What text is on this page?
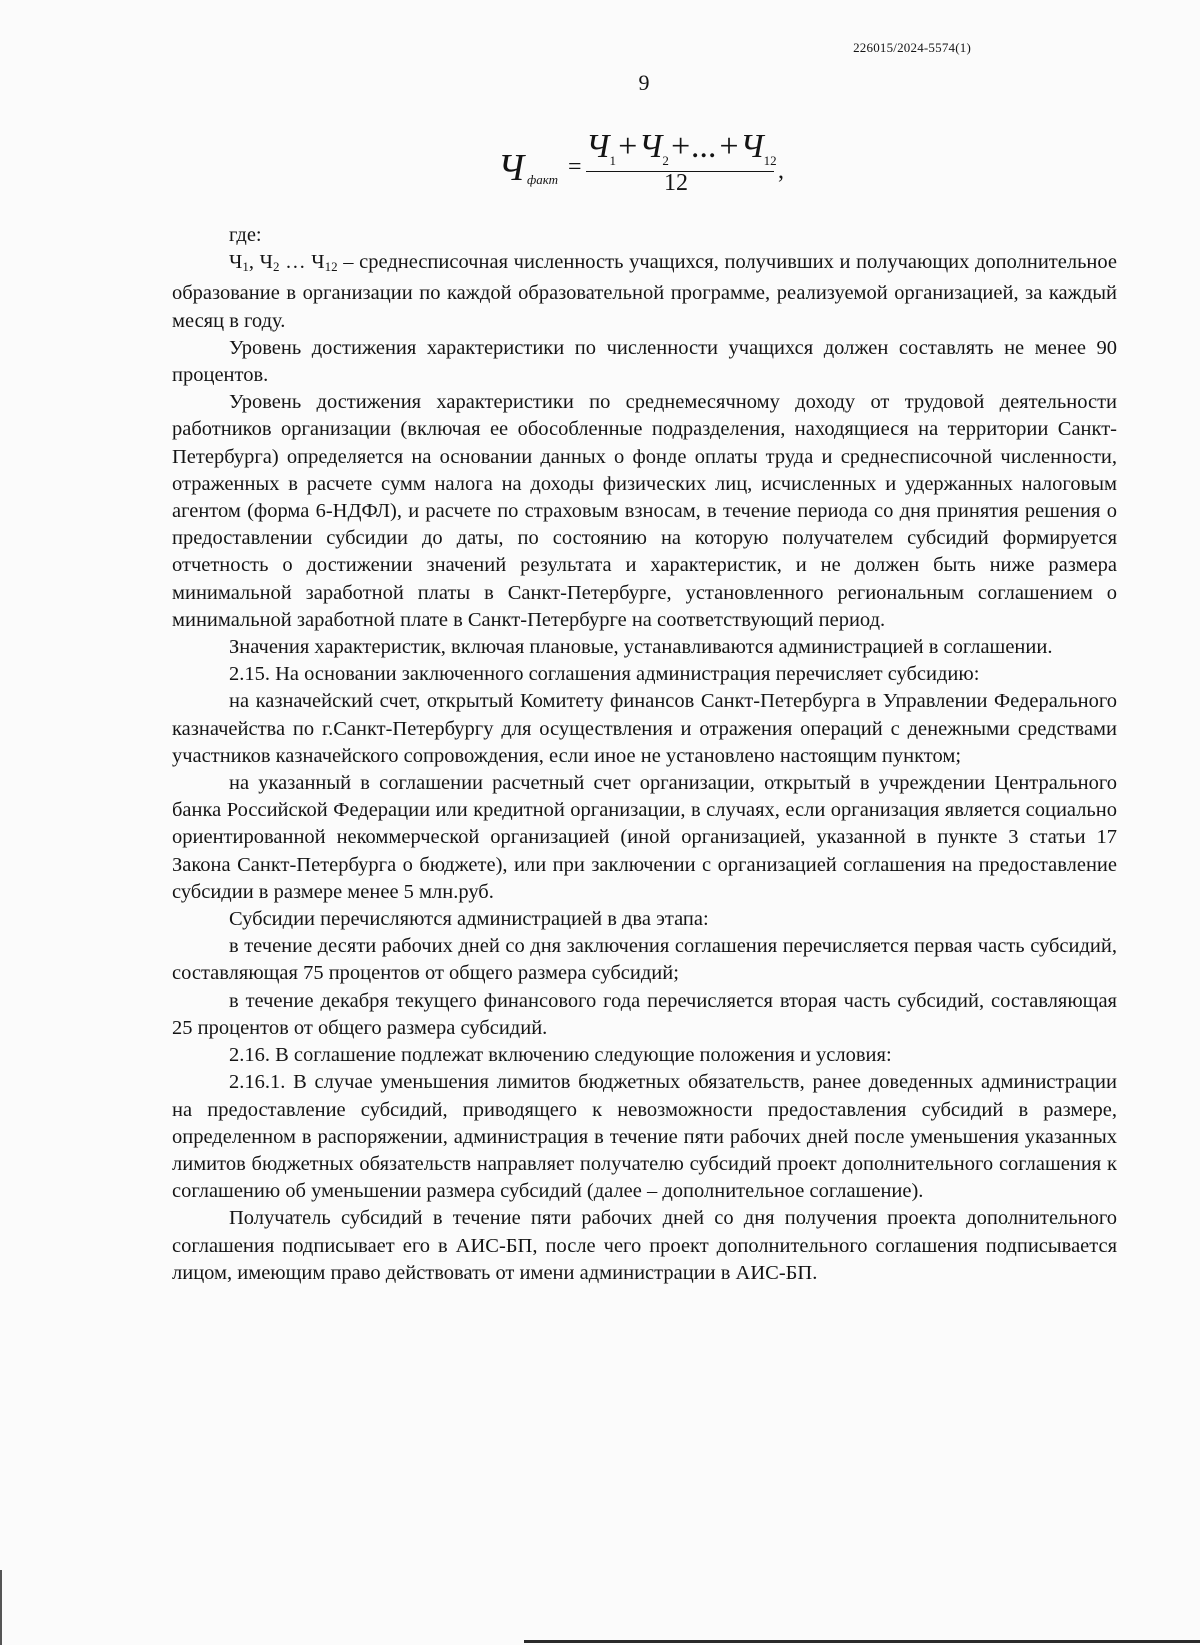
226015/2024-5574(1)
9
Ч факт =
$Ч_1+Ч_2+...+Ч_{12}$
12	,

где:

$Ч_1$, $Ч_2$ … $Ч_{12}$ – среднесписочная численность учащихся, получивших и получающих дополнительное образование в организации по каждой образовательной программе, реализуемой организацией, за каждый месяц в году.

Уровень достижения характеристики по численности учащихся должен составлять не менее 90 процентов.

Уровень достижения характеристики по среднемесячному доходу от трудовой деятельности работников организации (включая ее обособленные подразделения, находящиеся на территории Санкт-Петербурга) определяется на основании данных о фонде оплаты труда и среднесписочной численности, отраженных в расчете сумм налога на доходы физических лиц, исчисленных и удержанных налоговым агентом (форма 6-НДФЛ), и расчете по страховым взносам, в течение периода со дня принятия решения о предоставлении субсидии до даты, по состоянию на которую получателем субсидий формируется отчетность о достижении значений результата и характеристик, и не должен быть ниже размера минимальной заработной платы в Санкт-Петербурге, установленного региональным соглашением о минимальной заработной плате в Санкт-Петербурге на соответствующий период.

Значения характеристик, включая плановые, устанавливаются администрацией в соглашении.

2.15. На основании заключенного соглашения администрация перечисляет субсидию:

на казначейский счет, открытый Комитету финансов Санкт-Петербурга в Управлении Федерального казначейства по г.Санкт-Петербургу для осуществления и отражения операций с денежными средствами участников казначейского сопровождения, если иное не установлено настоящим пунктом;

на указанный в соглашении расчетный счет организации, открытый в учреждении Центрального банка Российской Федерации или кредитной организации, в случаях, если организация является социально ориентированной некоммерческой организацией (иной организацией, указанной в пункте 3 статьи 17 Закона Санкт-Петербурга о бюджете), или при заключении с организацией соглашения на предоставление субсидии в размере менее 5 млн.руб.

Субсидии перечисляются администрацией в два этапа:

в течение десяти рабочих дней со дня заключения соглашения перечисляется первая часть субсидий, составляющая 75 процентов от общего размера субсидий;

в течение декабря текущего финансового года перечисляется вторая часть субсидий, составляющая 25 процентов от общего размера субсидий.

2.16. В соглашение подлежат включению следующие положения и условия:

2.16.1. В случае уменьшения лимитов бюджетных обязательств, ранее доведенных администрации на предоставление субсидий, приводящего к невозможности предоставления субсидий в размере, определенном в распоряжении, администрация в течение пяти рабочих дней после уменьшения указанных лимитов бюджетных обязательств направляет получателю субсидий проект дополнительного соглашения к соглашению об уменьшении размера субсидий (далее – дополнительное соглашение).

Получатель субсидий в течение пяти рабочих дней со дня получения проекта дополнительного соглашения подписывает его в АИС-БП, после чего проект дополнительного соглашения подписывается лицом, имеющим право действовать от имени администрации в АИС-БП.
